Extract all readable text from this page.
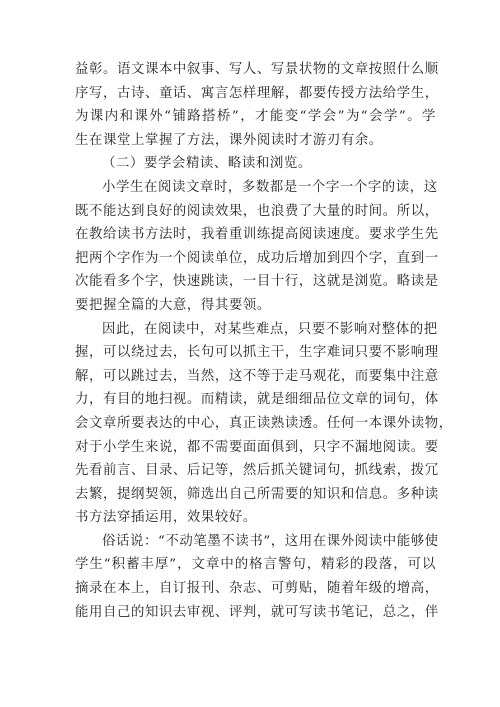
益彰。语文课本中叙事、写人、写景状物的文章按照什么顺
序写，古诗、童话、寓言怎样理解，都要传授方法给学生，
为课内和课外“铺路搭桥”，才能变“学会”为“会学”。学
生在课堂上掌握了方法，课外阅读时才游刃有余。
（二）要学会精读、略读和浏览。
小学生在阅读文章时，多数都是一个字一个字的读，这
既不能达到良好的阅读效果，也浪费了大量的时间。所以，
在教给读书方法时，我着重训练提高阅读速度。要求学生先
把两个字作为一个阅读单位，成功后增加到四个字，直到一
次能看多个字，快速跳读，一目十行，这就是浏览。略读是
要把握全篇的大意，得其要领。
因此，在阅读中，对某些难点，只要不影响对整体的把
握，可以绕过去，长句可以抓主干，生字难词只要不影响理
解，可以跳过去，当然，这不等于走马观花，而要集中注意
力，有目的地扫视。而精读，就是细细品位文章的词句，体
会文章所要表达的中心，真正读熟读透。任何一本课外读物，
对于小学生来说，都不需要面面俱到，只字不漏地阅读。要
先看前言、目录、后记等，然后抓关键词句，抓线索，拨冗
去繁，提纲契领，筛选出自己所需要的知识和信息。多种读
书方法穿插运用，效果较好。
俗话说：“不动笔墨不读书”，这用在课外阅读中能够使
学生“积蓄丰厚”，文章中的格言警句，精彩的段落，可以
摘录在本上，自订报刊、杂志、可剪贴，随着年级的增高，
能用自己的知识去审视、评判，就可写读书笔记，总之，伴
